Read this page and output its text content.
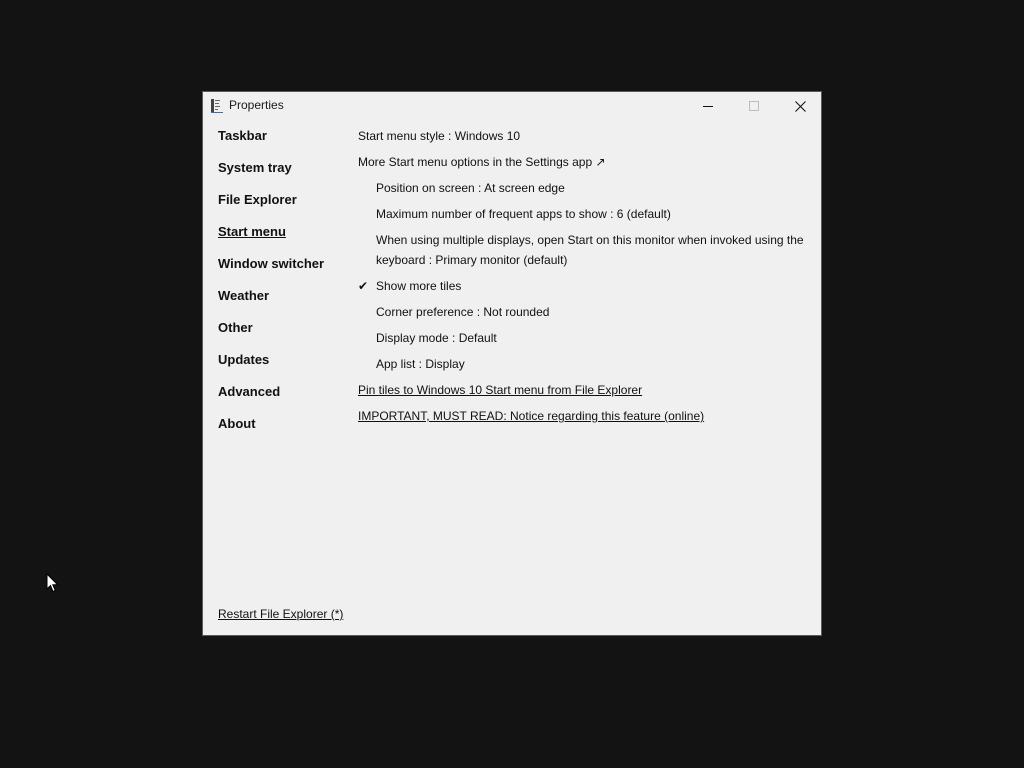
Properties
Taskbar
System tray
File Explorer
Start menu
Window switcher
Weather
Other
Updates
Advanced
About
Start menu style : Windows 10
More Start menu options in the Settings app ↗
Position on screen : At screen edge
Maximum number of frequent apps to show : 6 (default)
When using multiple displays, open Start on this monitor when invoked using the keyboard : Primary monitor (default)
✔ Show more tiles
Corner preference : Not rounded
Display mode : Default
App list : Display
Pin tiles to Windows 10 Start menu from File Explorer
IMPORTANT, MUST READ: Notice regarding this feature (online)
Restart File Explorer (*)
